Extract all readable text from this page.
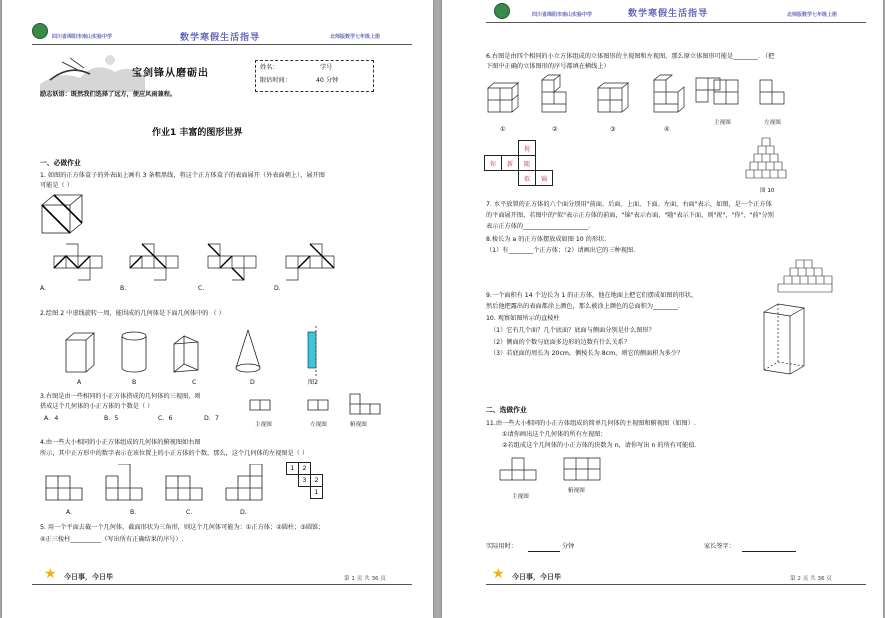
四川省绵阳市南山实验中学	数学寒假生活指导	北师版数学七年级上册
宝剑锋从磨砺出
姓名：	学号
限估时间：	40 分钟
励志妖语：既然我们选择了远方，便应风雨兼程。
作业1 丰富的图形世界
一、必做作业
1. 如图的正方体盒子的外表面上画有 3 条粗黑线，将这个正方体盒子的表面展开（外表面朝上），展开图
可能是（ ）
A.	B.	C.	D.
2.绘图 2 中虚线旋转一周，能围成的几何体是下面几何体中的 （ ）
A	B	C	D	图2
3.右图是由一些相同的小正方体搭成的几何体的三视图，则
搭成这个几何体的小正方体的个数是（ ）
A．4	B．5	C．6	D．7
主视图	左视图	俯视图
4.由一些大小相同的小正方体组成的几何体的俯视图如右图
所示，其中正方形中的数字表示在该位置上的小正方体的个数，那么，这个几何体的左视图是（ ）
1	2	
	3	2
		1
A.	B.	C.	D.
5. 用一个平面去截一个几何体，截面形状为三角形，则这个几何体可能为：①正方体；②圆柱；③圆锥；
④正三棱柱__________（写出所有正确结果的序号）.
★ 今日事，今日毕	第 1 页 共 36 页
四川省绵阳市南山实验中学	数学寒假生活指导	北师版数学七年级上册
6.右图是由四个相同的小立方体组成的立体图形的主视图和左视图，那么原立体图形可能是________. （把
下图中正确的立体图形的序号都填在横线上）
①	②	③	④
主视图	左视图
		祝	
你	新	随	
		似	锦
图 10
7. 水平放置的正方体的六个面分别用"前面、后面、上面、下面、左面、右面"表示，如图，是一个正方体
的平面展开图，若图中的"似"表示正方体的前面，"锦"表示右面，"随"表示下面，则"祝"、"你"、"前"分别
表示正方体的_____________________.
8.棱长为 a 的正方体摆放成如图 10 的形状.
（1）有________个正方体；（2）请画出它的三种视图.
9.一个面积有 14 个边长为 1 的正方体，他在地面上把它们摆成如图的形状，
然后他把露出的表面都涂上颜色，那么被涂上颜色的总面积为________.
10. 观察如图所示的直棱柱
（1）它有几个面？几个底面？底面与侧面分别是什么图形？
（2）侧面的个数与底面多边形的边数有什么关系？
（3）若底面的周长为 20cm，侧棱长为 8cm，则它的侧面积为多少？
二、选做作业
11.由一些大小相同的小正方体组成的简单几何体的主视图和俯视图（如图）.
①请你画出这个几何体的所有左视图；
②若组成这个几何体的小正方体的块数为 n，请你写出 n 的所有可能值.
主视图
俯视图
实际用时：	分钟	家长签字：
★ 今日事，今日毕	第 2 页 共 36 页
